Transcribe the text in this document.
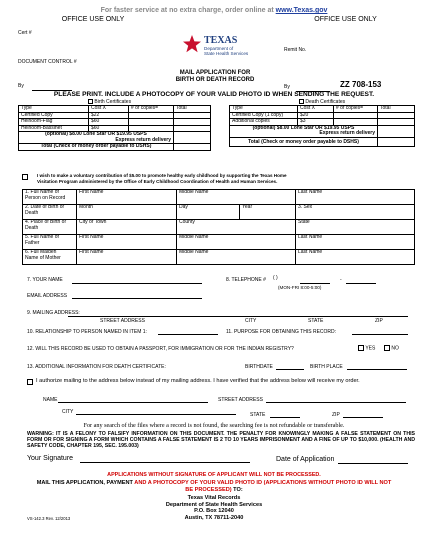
For faster service at no extra charge, order online at www.Texas.gov
OFFICE USE ONLY
Cert #
DOCUMENT CONTROL #
By
OFFICE USE ONLY
Remit No.
By	ZZ 708-153
TEXAS
Department of
State Health Services
MAIL APPLICATION FOR
BIRTH OR DEATH RECORD
PLEASE PRINT. INCLUDE A PHOTOCOPY OF YOUR VALID PHOTO ID WHEN SENDING THE REQUEST.
Birth Certificates
Type	Cost X	# of copies=	Total
Certified Copy	$22		
Heirloom-Flag	$60		
Heirloom-Bassinet	$60		

(optional) $8.00 Lone Star OR $19.95 USPS
Express return delivery			

Total (Check or money order payable to DSHS)			
Death Certificates
Type	Cost X	# of copies=	Total
Certified Copy (1 copy)	$20		
Additional copies	$3		

(optional) $8.00 Lone Star OR $19.95 USPS
Express return delivery			

Total (Check or money order payable to DSHS)			
I wish to make a voluntary contribution of $5.00 to promote healthy early childhood by supporting the Texas Home
Visitation Program administered by the Office of Early Childhood Coordination of Health and Human Services.
1. Full Name of
Person on Record	First Name	Middle Name		Last Name

2. Date of Birth or
Death	Month	Day	Year	3. Sex

4. Place of Birth or
Death	City or Town	County		State

5. Full Name of
Father	First Name	Middle Name		Last Name

6. Full Maiden
Name of Mother	First Name	Middle Name		Last Name
7. YOUR NAME	8. TELEPHONE # ( )	-
(MON-FRI 8:00-5:00)
EMAIL ADDRESS
9. MAILING ADDRESS:
STREET ADDRESS	CITY	STATE	ZIP
10. RELATIONSHIP TO PERSON NAMED IN ITEM 1:	11. PURPOSE FOR OBTAINING THIS RECORD:
12. WILL THIS RECORD BE USED TO OBTAIN A PASSPORT, FOR IMMIGRATION OR FOR THE INDIAN REGISTRY?	YES	NO
13. ADDITIONAL INFORMATION FOR DEATH CERTIFICATE:	BIRTHDATE	BIRTH PLACE
I authorize mailing to the address below instead of my mailing address. I have verified that the address below will receive my order.
NAME	STREET ADDRESS
CITY	STATE	ZIP
For any search of the files where a record is not found, the searching fee is not refundable or transferable.
WARNING: IT IS A FELONY TO FALSIFY INFORMATION ON THIS DOCUMENT. THE PENALTY FOR KNOWINGLY MAKING A FALSE STATEMENT ON THIS FORM OR FOR SIGNING A FORM WHICH CONTAINS A FALSE STATEMENT IS 2 TO 10 YEARS IMPRISONMENT AND A FINE OF UP TO $10,000. (HEALTH AND SAFETY CODE, CHAPTER 195, SEC. 195.003)
Your Signature	Date of Application
APPLICATIONS WITHOUT SIGNATURE OF APPLICANT WILL NOT BE PROCESSED.
MAIL THIS APPLICATION, PAYMENT AND A PHOTOCOPY OF YOUR VALID PHOTO ID (APPLICATIONS WITHOUT PHOTO ID WILL NOT BE PROCESSED) TO:
Texas Vital Records
Department of State Health Services
P.O. Box 12040
Austin, TX 78711-2040
VS-142.3 Rev. 12/2013
